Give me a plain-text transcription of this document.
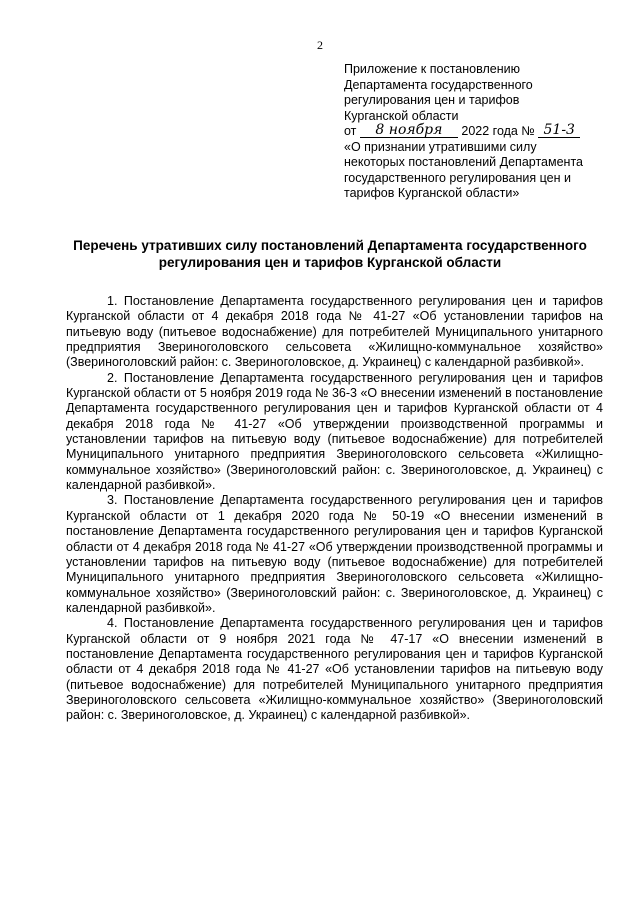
2
Приложение к постановлению
Департамента государственного
регулирования цен и тарифов
Курганской области
от 8 ноября 2022 года № 51-3
«О признании утратившими силу некоторых постановлений Департамента государственного регулирования цен и тарифов Курганской области»
Перечень утративших силу постановлений Департамента государственного регулирования цен и тарифов Курганской области

1. Постановление Департамента государственного регулирования цен и тарифов Курганской области от 4 декабря 2018 года № 41-27 «Об установлении тарифов на питьевую воду (питьевое водоснабжение) для потребителей Муниципального унитарного предприятия Звериноголовского сельсовета «Жилищно-коммунальное хозяйство» (Звериноголовский район: с. Звериноголовское, д. Украинец) с календарной разбивкой».

2. Постановление Департамента государственного регулирования цен и тарифов Курганской области от 5 ноября 2019 года № 36-3 «О внесении изменений в постановление Департамента государственного регулирования цен и тарифов Курганской области от 4 декабря 2018 года № 41-27 «Об утверждении производственной программы и установлении тарифов на питьевую воду (питьевое водоснабжение) для потребителей Муниципального унитарного предприятия Звериноголовского сельсовета «Жилищно-коммунальное хозяйство» (Звериноголовский район: с. Звериноголовское, д. Украинец) с календарной разбивкой».

3. Постановление Департамента государственного регулирования цен и тарифов Курганской области от 1 декабря 2020 года № 50-19 «О внесении изменений в постановление Департамента государственного регулирования цен и тарифов Курганской области от 4 декабря 2018 года № 41-27 «Об утверждении производственной программы и установлении тарифов на питьевую воду (питьевое водоснабжение) для потребителей Муниципального унитарного предприятия Звериноголовского сельсовета «Жилищно-коммунальное хозяйство» (Звериноголовский район: с. Звериноголовское, д. Украинец) с календарной разбивкой».

4. Постановление Департамента государственного регулирования цен и тарифов Курганской области от 9 ноября 2021 года № 47-17 «О внесении изменений в постановление Департамента государственного регулирования цен и тарифов Курганской области от 4 декабря 2018 года № 41-27 «Об установлении тарифов на питьевую воду (питьевое водоснабжение) для потребителей Муниципального унитарного предприятия Звериноголовского сельсовета «Жилищно-коммунальное хозяйство» (Звериноголовский район: с. Звериноголовское, д. Украинец) с календарной разбивкой».
